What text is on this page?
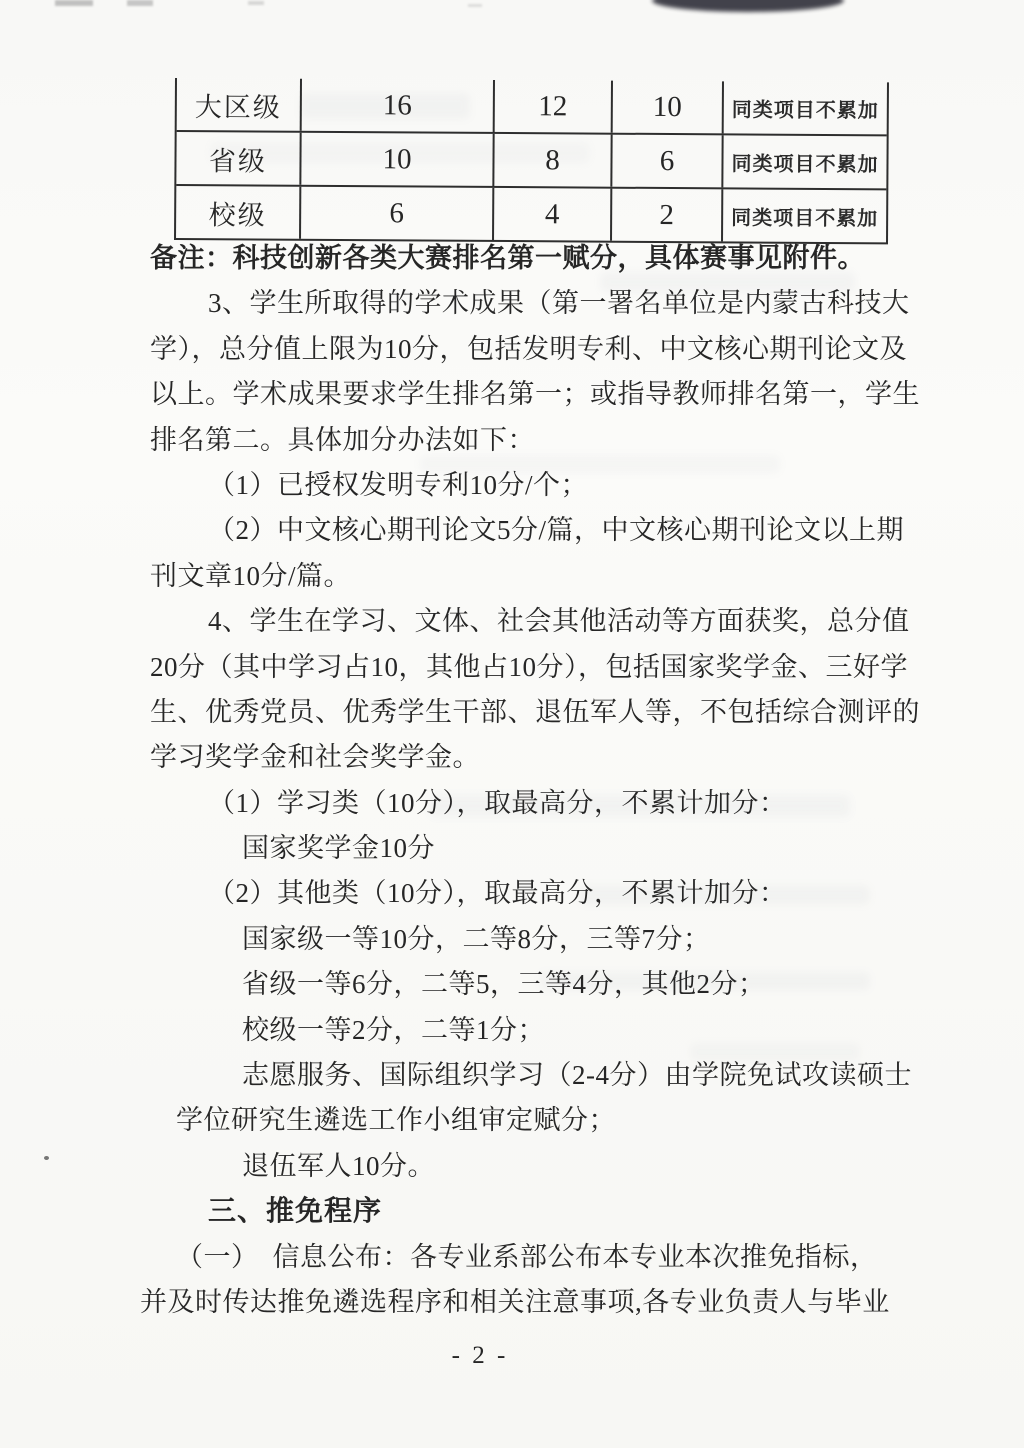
大区级	16	12	10	同类项目不累加
省级	10	8	6	同类项目不累加
校级	6	4	2	同类项目不累加
备注：科技创新各类大赛排名第一赋分，具体赛事见附件。
3、学生所取得的学术成果（第一署名单位是内蒙古科技大
学），总分值上限为10分，包括发明专利、中文核心期刊论文及
以上。学术成果要求学生排名第一；或指导教师排名第一，学生
排名第二。具体加分办法如下：
（1）已授权发明专利10分/个；
（2）中文核心期刊论文5分/篇，中文核心期刊论文以上期
刊文章10分/篇。
4、学生在学习、文体、社会其他活动等方面获奖，总分值
20分（其中学习占10，其他占10分），包括国家奖学金、三好学
生、优秀党员、优秀学生干部、退伍军人等，不包括综合测评的
学习奖学金和社会奖学金。
（1）学习类（10分），取最高分，不累计加分：
国家奖学金10分
（2）其他类（10分），取最高分，不累计加分：
国家级一等10分，二等8分，三等7分；
省级一等6分，二等5，三等4分，其他2分；
校级一等2分，二等1分；
志愿服务、国际组织学习（2-4分）由学院免试攻读硕士
学位研究生遴选工作小组审定赋分；
退伍军人10分。
三、推免程序
（一）　信息公布：各专业系部公布本专业本次推免指标，
并及时传达推免遴选程序和相关注意事项,各专业负责人与毕业
- 2 -
